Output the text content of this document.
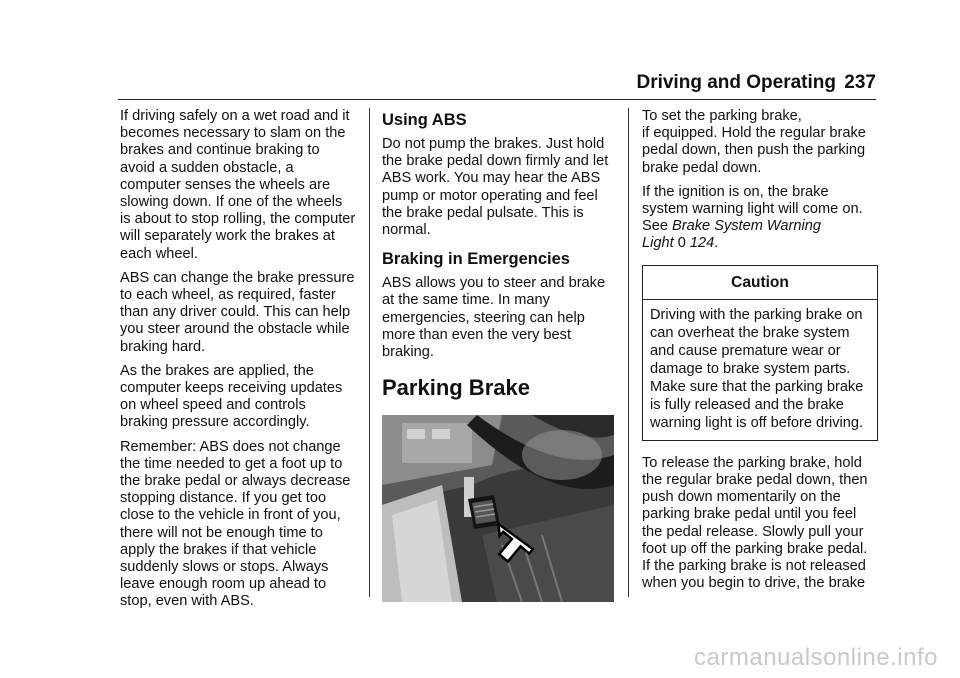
Driving and Operating 237

If driving safely on a wet road and it
becomes necessary to slam on the
brakes and continue braking to
avoid a sudden obstacle, a
computer senses the wheels are
slowing down. If one of the wheels
is about to stop rolling, the computer
will separately work the brakes at
each wheel.

ABS can change the brake pressure
to each wheel, as required, faster
than any driver could. This can help
you steer around the obstacle while
braking hard.

As the brakes are applied, the
computer keeps receiving updates
on wheel speed and controls
braking pressure accordingly.

Remember: ABS does not change
the time needed to get a foot up to
the brake pedal or always decrease
stopping distance. If you get too
close to the vehicle in front of you,
there will not be enough time to
apply the brakes if that vehicle
suddenly slows or stops. Always
leave enough room up ahead to
stop, even with ABS.

Using ABS

Do not pump the brakes. Just hold
the brake pedal down firmly and let
ABS work. You may hear the ABS
pump or motor operating and feel
the brake pedal pulsate. This is
normal.

Braking in Emergencies

ABS allows you to steer and brake
at the same time. In many
emergencies, steering can help
more than even the very best
braking.

Parking Brake

To set the parking brake,
if equipped. Hold the regular brake
pedal down, then push the parking
brake pedal down.

If the ignition is on, the brake
system warning light will come on.
See Brake System Warning
Light 0 124.

Caution
Driving with the parking brake on
can overheat the brake system
and cause premature wear or
damage to brake system parts.
Make sure that the parking brake
is fully released and the brake
warning light is off before driving.

To release the parking brake, hold
the regular brake pedal down, then
push down momentarily on the
parking brake pedal until you feel
the pedal release. Slowly pull your
foot up off the parking brake pedal.
If the parking brake is not released
when you begin to drive, the brake

carmanualsonline.info
